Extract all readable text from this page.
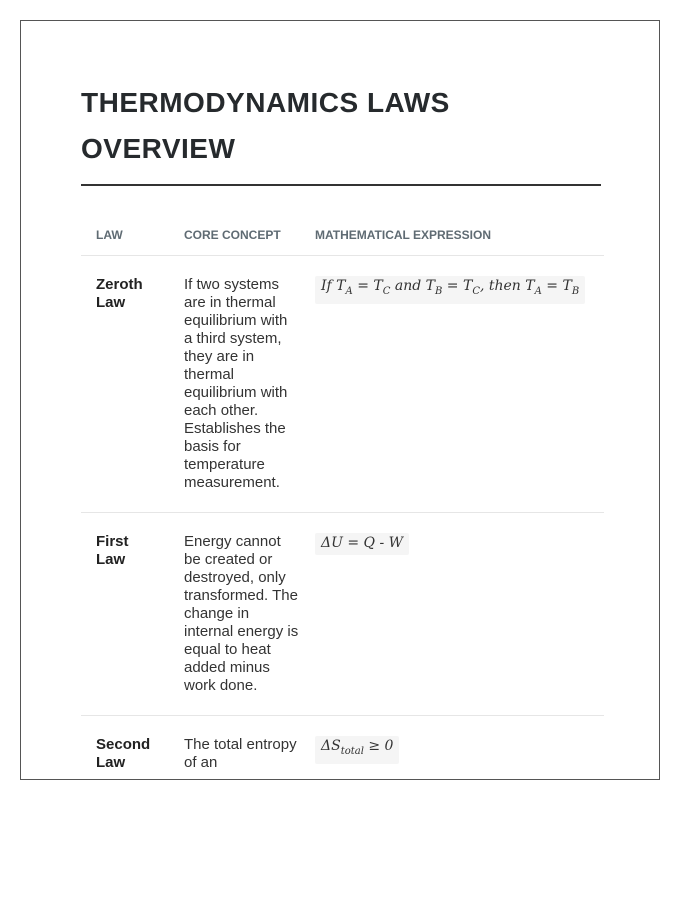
THERMODYNAMICS LAWS OVERVIEW
LAW	CORE CONCEPT	MATHEMATICAL EXPRESSION
Zeroth Law	If two systems are in thermal equilibrium with a third system, they are in thermal equilibrium with each other. Establishes the basis for temperature measurement.	If $T_A = T_C$ and $T_B = T_C$, then $T_A = T_B$
First Law	Energy cannot be created or destroyed, only transformed. The change in internal energy is equal to heat added minus work done.	ΔU = Q - W
Second Law	The total entropy of an	$\Delta S_{total} \ge 0$
